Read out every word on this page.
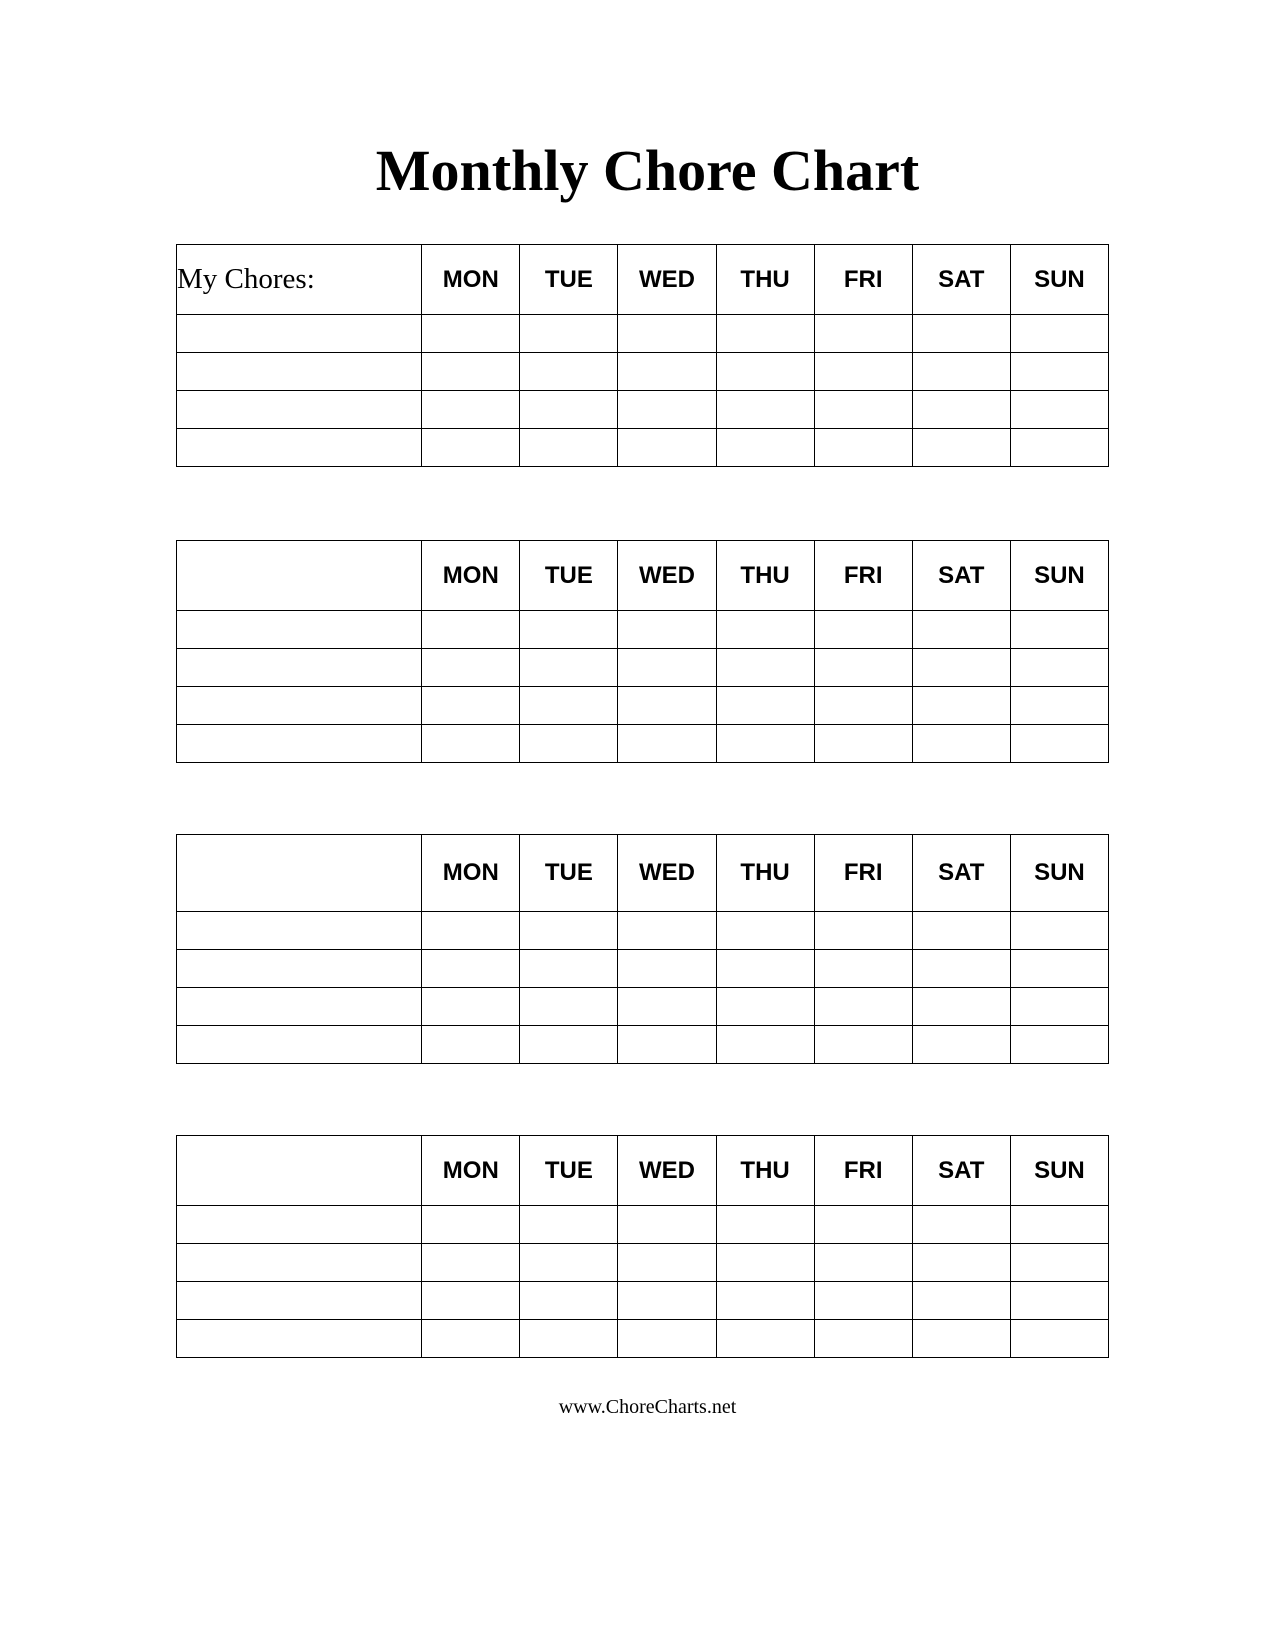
Monthly Chore Chart
My Chores:	MON	TUE	WED	THU	FRI	SAT	SUN

	MON	TUE	WED	THU	FRI	SAT	SUN

	MON	TUE	WED	THU	FRI	SAT	SUN

	MON	TUE	WED	THU	FRI	SAT	SUN

www.ChoreCharts.net
